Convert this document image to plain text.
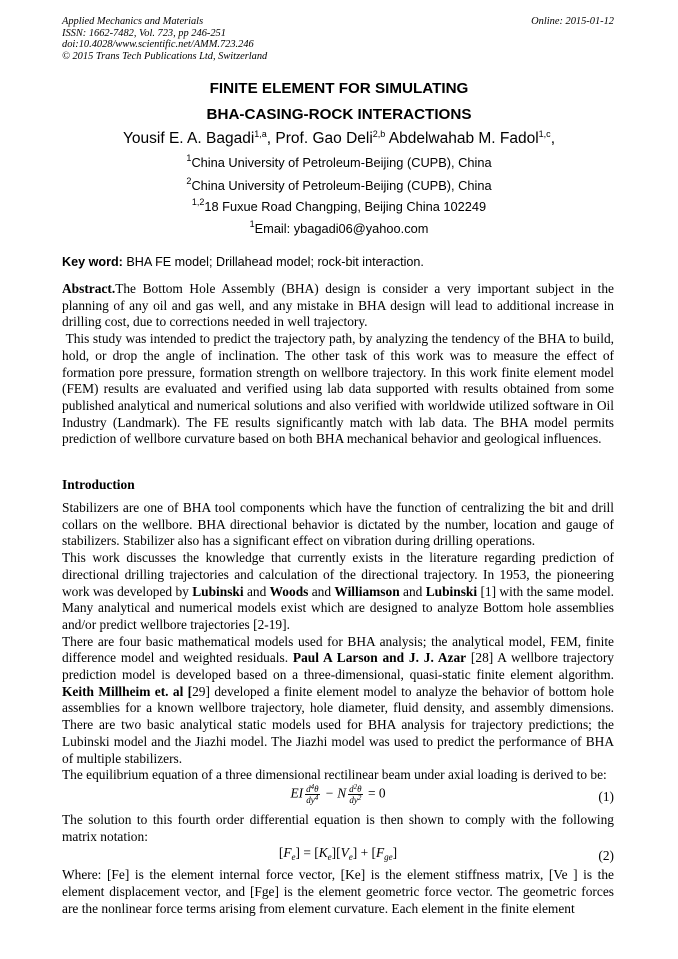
Applied Mechanics and Materials
ISSN: 1662-7482, Vol. 723, pp 246-251
doi:10.4028/www.scientific.net/AMM.723.246
© 2015 Trans Tech Publications Ltd, Switzerland
Online: 2015-01-12
FINITE ELEMENT FOR SIMULATING
BHA-CASING-ROCK INTERACTIONS
Yousif E. A. Bagadi$^{1,a}$, Prof. Gao Deli$^{2,b}$ Abdelwahab M. Fadol$^{1,c}$,
$^1$China University of Petroleum-Beijing (CUPB), China
$^2$China University of Petroleum-Beijing (CUPB), China
$^{1,2}$18 Fuxue Road Changping, Beijing China 102249
$^1$Email: ybagadi06@yahoo.com
Key word: BHA FE model; Drillahead model; rock-bit interaction.

Abstract.The Bottom Hole Assembly (BHA) design is consider a very important subject in the planning of any oil and gas well, and any mistake in BHA design will lead to additional increase in drilling cost, due to corrections needed in well trajectory.

This study was intended to predict the trajectory path, by analyzing the tendency of the BHA to build, hold, or drop the angle of inclination. The other task of this work was to measure the effect of formation pore pressure, formation strength on wellbore trajectory. In this work finite element model (FEM) results are evaluated and verified using lab data supported with results obtained from some published analytical and numerical solutions and also verified with worldwide utilized software in Oil Industry (Landmark). The FE results significantly match with lab data. The BHA model permits prediction of wellbore curvature based on both BHA mechanical behavior and geological influences.

Introduction

Stabilizers are one of BHA tool components which have the function of centralizing the bit and drill collars on the wellbore. BHA directional behavior is dictated by the number, location and gauge of stabilizers. Stabilizer also has a significant effect on vibration during drilling operations.

This work discusses the knowledge that currently exists in the literature regarding prediction of directional drilling trajectories and calculation of the directional trajectory. In 1953, the pioneering work was developed by Lubinski and Woods and Williamson and Lubinski [1] with the same model. Many analytical and numerical models exist which are designed to analyze Bottom hole assemblies and/or predict wellbore trajectories [2-19].

There are four basic mathematical models used for BHA analysis; the analytical model, FEM, finite difference model and weighted residuals. Paul A Larson and J. J. Azar [28] A wellbore trajectory prediction model is developed based on a three-dimensional, quasi-static finite element algorithm. Keith Millheim et. al [29] developed a finite element model to analyze the behavior of bottom hole assemblies for a known wellbore trajectory, hole diameter, fluid density, and assembly dimensions. There are two basic analytical static models used for BHA analysis for trajectory predictions; the Lubinski model and the Jiazhi model. The Jiazhi model was used to predict the performance of BHA of multiple stabilizers.

The equilibrium equation of a three dimensional rectilinear beam under axial loading is derived to be:

EI $\frac{d^4\theta}{dy^4} - N \frac{d^2\theta}{dy^2} = 0$	(1)

The solution to this fourth order differential equation is then shown to comply with the following matrix notation:

$[F_e] = [K_e][V_e] + [F_{ge}]$	(2)

Where: [Fe] is the element internal force vector, [Ke] is the element stiffness matrix, [Ve ] is the element displacement vector, and [Fge] is the element geometric force vector. The geometric forces are the nonlinear force terms arising from element curvature. Each element in the finite element
